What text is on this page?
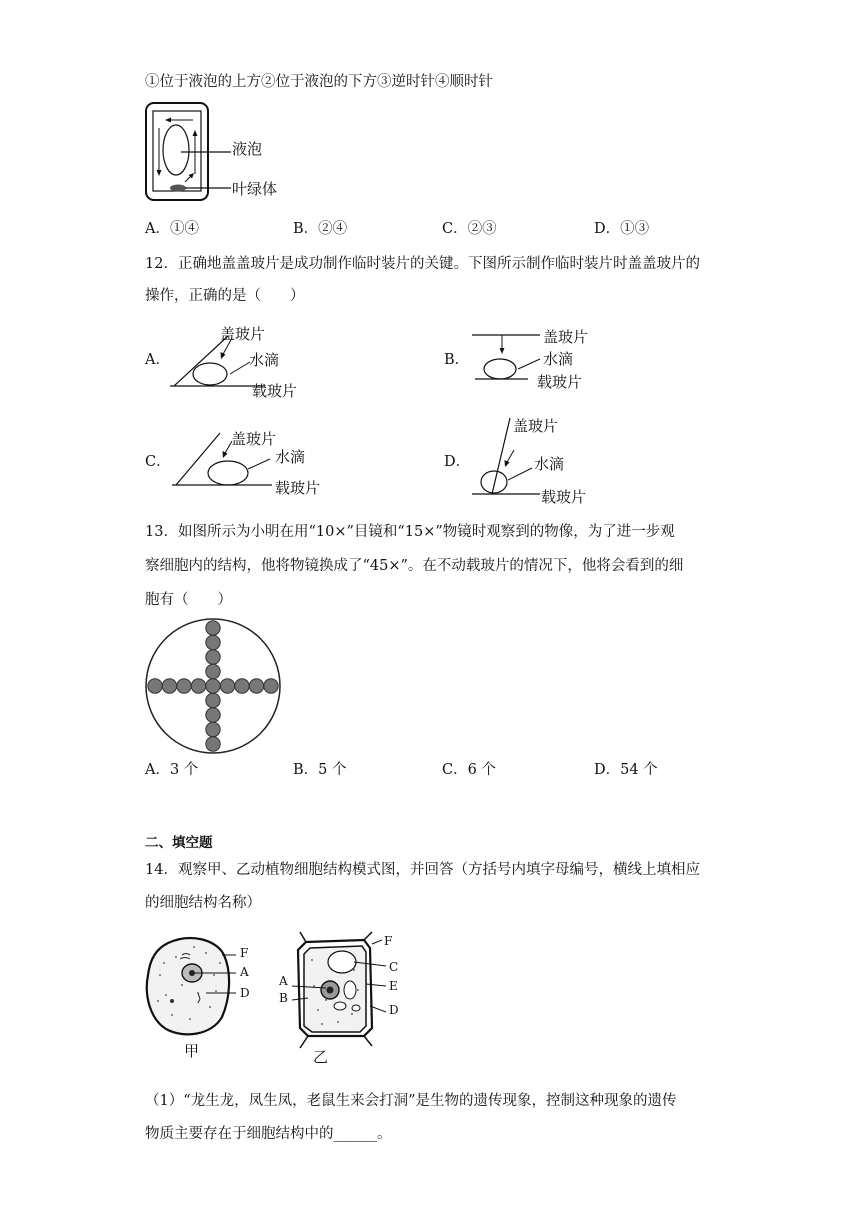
①位于液泡的上方②位于液泡的下方③逆时针④顺时针
液泡
叶绿体
A．①④	B．②④	C．②③	D．①③
12．正确地盖盖玻片是成功制作临时装片的关键。下图所示制作临时装片时盖盖玻片的
操作，正确的是（　　）
A．
盖玻片
水滴
载玻片
B．
盖玻片
水滴
载玻片
C．
盖玻片
水滴
载玻片
D．
盖玻片
水滴
载玻片
13．如图所示为小明在用“10×”目镜和“15×”物镜时观察到的物像，为了进一步观
察细胞内的结构，他将物镜换成了“45×”。在不动载玻片的情况下，他将会看到的细
胞有（　　）
A．3 个	B．5 个	C．6 个	D．54 个
二、填空题
14．观察甲、乙动植物细胞结构模式图，并回答（方括号内填字母编号，横线上填相应
的细胞结构名称）
F
A
D
甲
F
C
E
D
A
B
乙
（1）“龙生龙，凤生凤，老鼠生来会打洞”是生物的遗传现象，控制这种现象的遗传
物质主要存在于细胞结构中的______。
